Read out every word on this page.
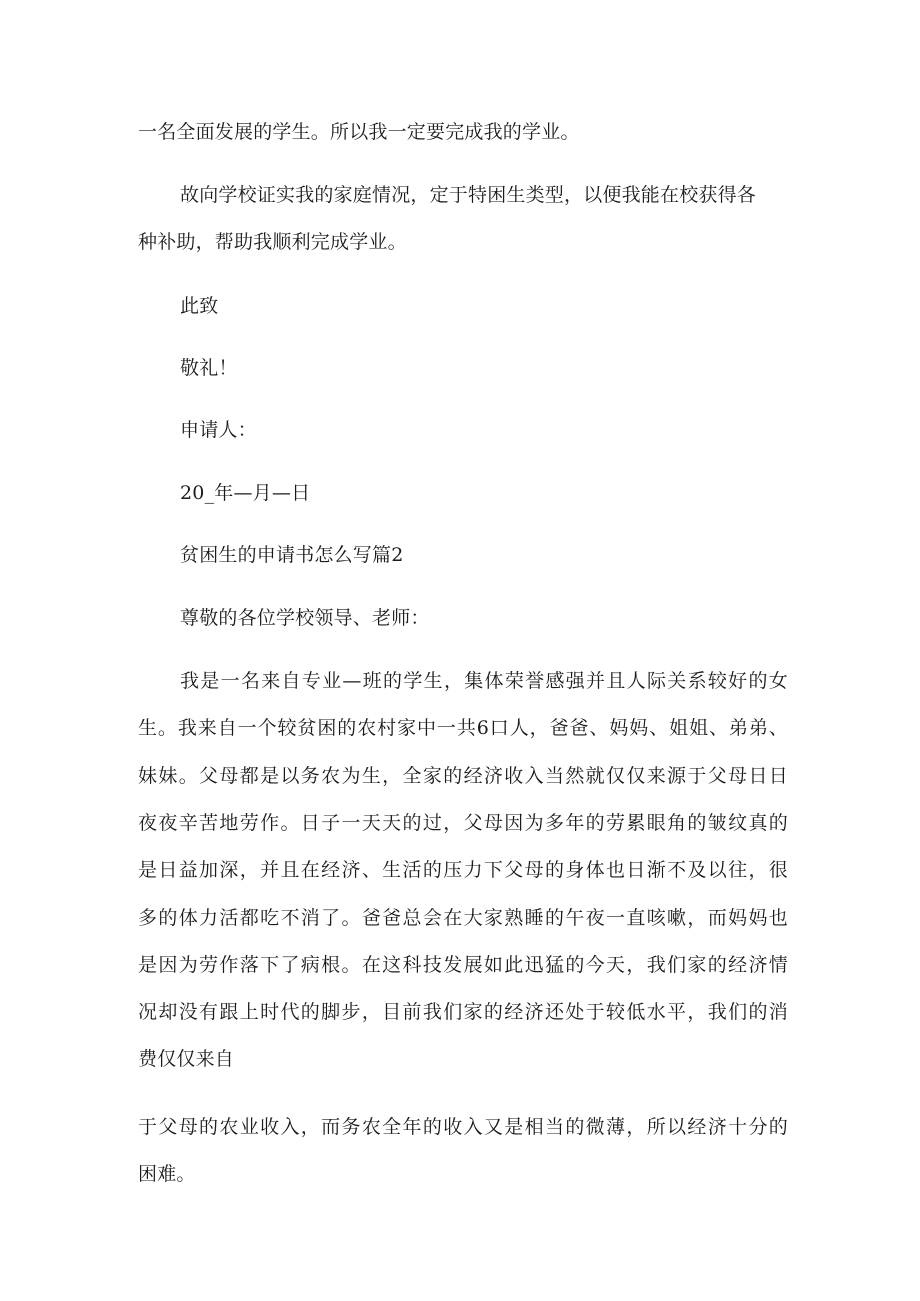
一名全面发展的学生。所以我一定要完成我的学业。
故向学校证实我的家庭情况，定于特困生类型，以便我能在校获得各
种补助，帮助我顺利完成学业。
此致
敬礼！
申请人：
20_年—月—日
贫困生的申请书怎么写篇2
尊敬的各位学校领导、老师：
我是一名来自专业—班的学生，集体荣誉感强并且人际关系较好的女
生。我来自一个较贫困的农村家中一共6口人，爸爸、妈妈、姐姐、弟弟、
妹妹。父母都是以务农为生，全家的经济收入当然就仅仅来源于父母日日
夜夜辛苦地劳作。日子一天天的过，父母因为多年的劳累眼角的皱纹真的
是日益加深，并且在经济、生活的压力下父母的身体也日渐不及以往，很
多的体力活都吃不消了。爸爸总会在大家熟睡的午夜一直咳嗽，而妈妈也
是因为劳作落下了病根。在这科技发展如此迅猛的今天，我们家的经济情
况却没有跟上时代的脚步，目前我们家的经济还处于较低水平，我们的消
费仅仅来自
于父母的农业收入，而务农全年的收入又是相当的微薄，所以经济十分的
困难。
